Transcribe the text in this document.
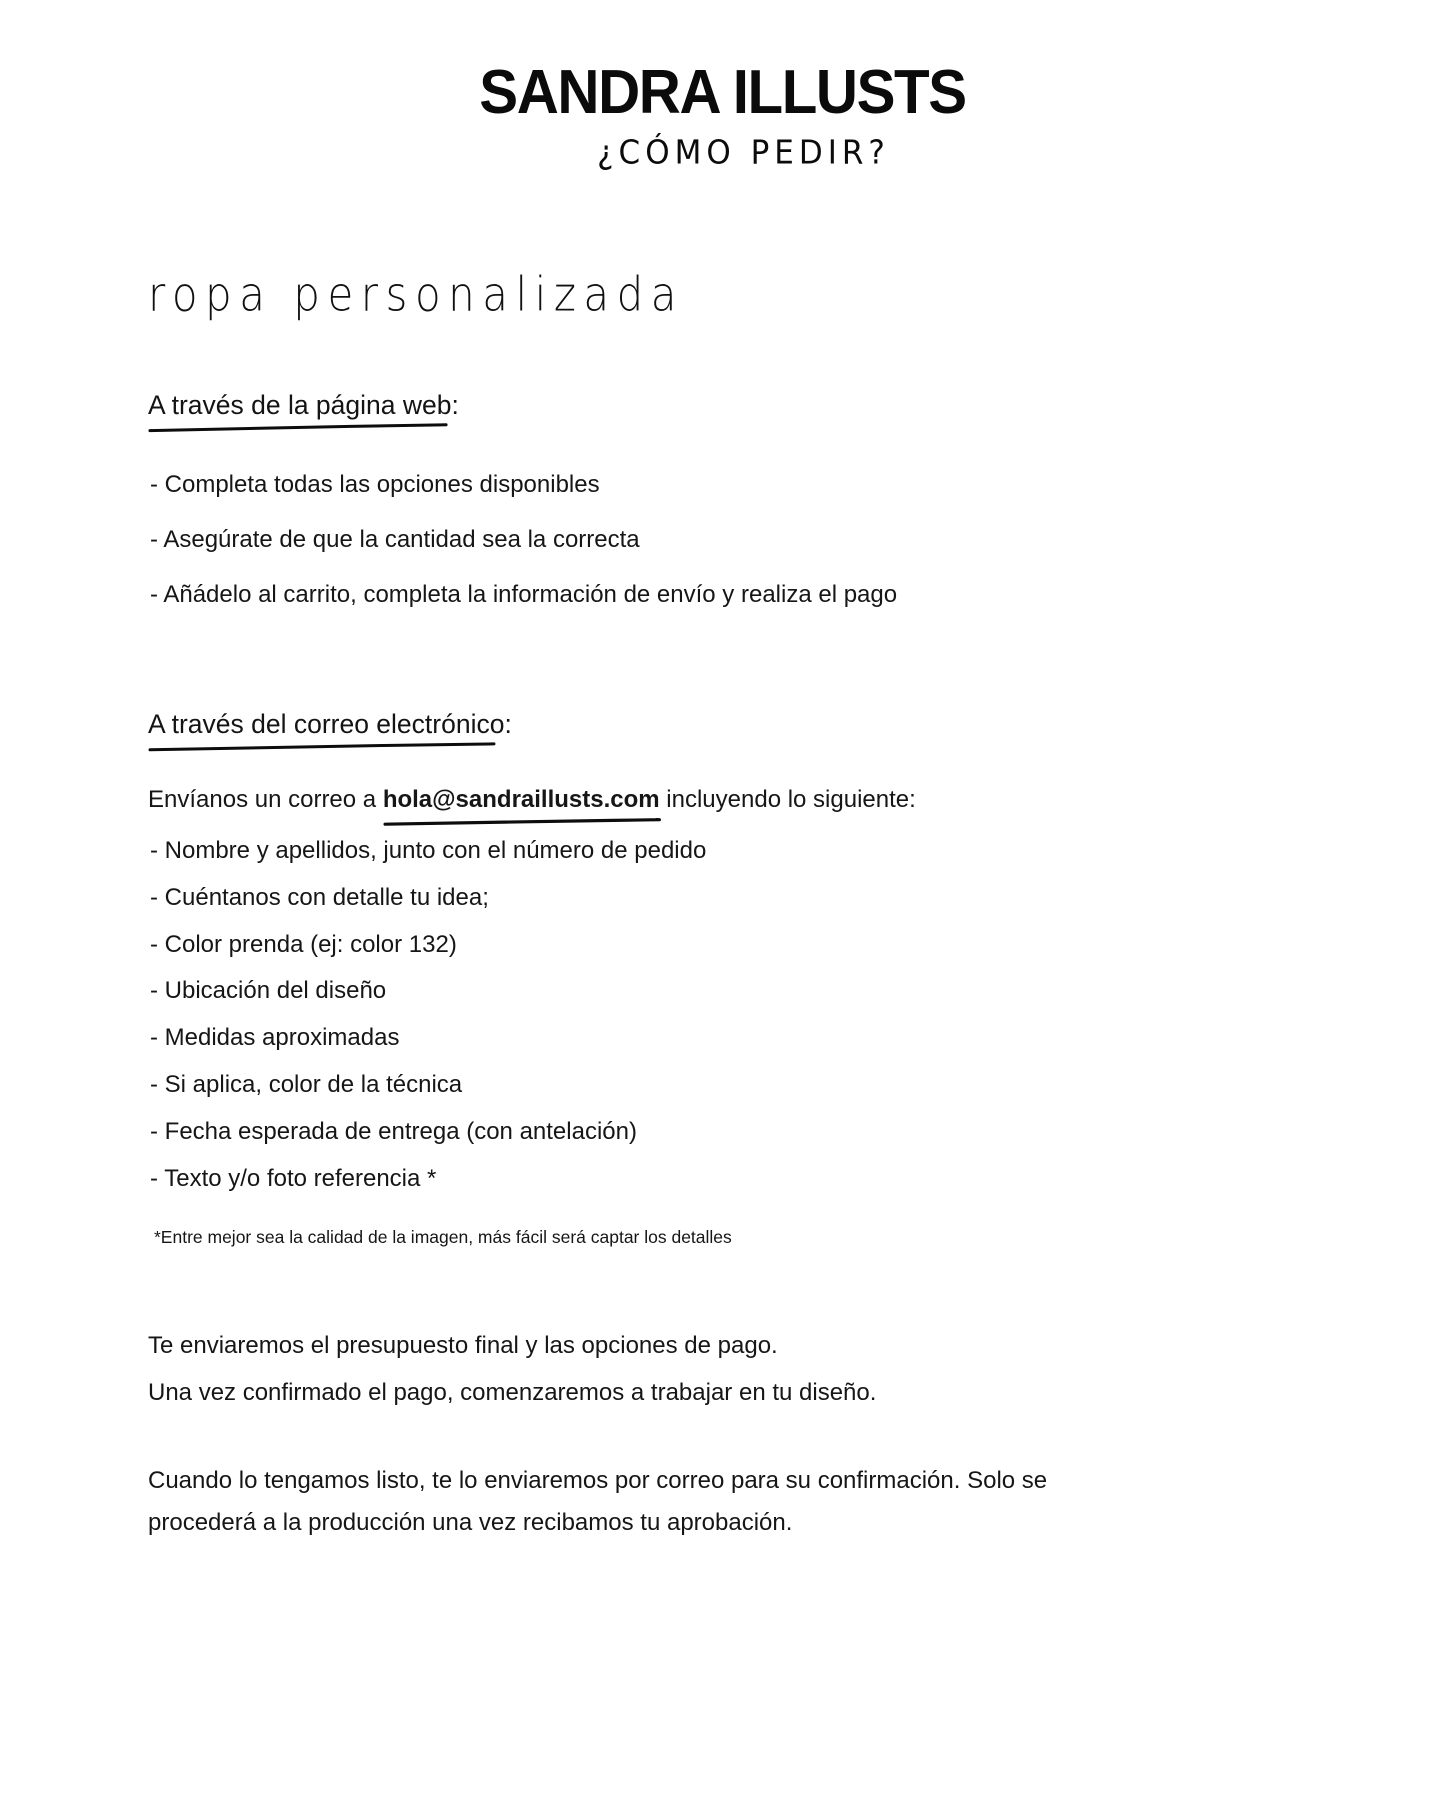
SANDRA ILLUSTS
¿CÓMO PEDIR?
ropa personalizada
A través de la página web:
- Completa todas las opciones disponibles
- Asegúrate de que la cantidad sea la correcta
- Añádelo al carrito, completa la información de envío y realiza el pago
A través del correo electrónico:

Envíanos un correo a hola@sandraillusts.com
incluyendo lo siguiente:

- Nombre y apellidos, junto con el número de pedido
- Cuéntanos con detalle tu idea;
- Color prenda (ej: color 132)
- Ubicación del diseño
- Medidas aproximadas
- Si aplica, color de la técnica
- Fecha esperada de entrega (con antelación)
- Texto y/o foto referencia *

*Entre mejor sea la calidad de la imagen, más fácil será captar los detalles

Te enviaremos el presupuesto final y las opciones de pago.

Una vez confirmado el pago, comenzaremos a trabajar en tu diseño.

Cuando lo tengamos listo, te lo enviaremos por correo para su confirmación. Solo se procederá a la producción una vez recibamos tu aprobación.
